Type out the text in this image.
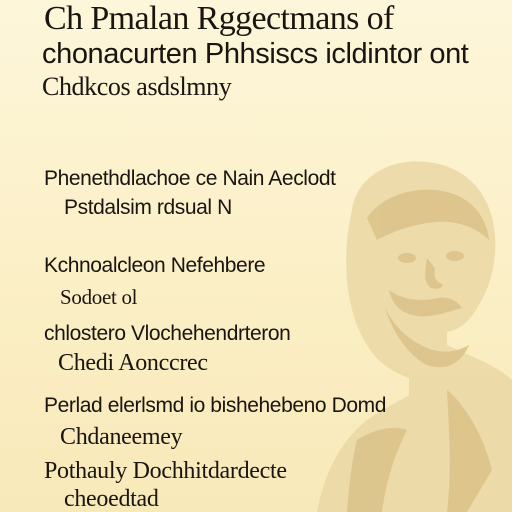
Ch Pmalan Rggectmans of

chonacurten Phhsiscs icldintor ont

Chdkcos asdslmny

Phenethdlachoe ce Nain Aeclodt

Pstdalsim rdsual N

Kchnoalcleon Nefehbere

Sodoet ol

chlostero Vlochehendrteron

Chedi Aonccrec

Perlad elerlsmd io bishehebeno Domd

Chdaneemey

Pothauly Dochhitdardecte

cheoedtad
